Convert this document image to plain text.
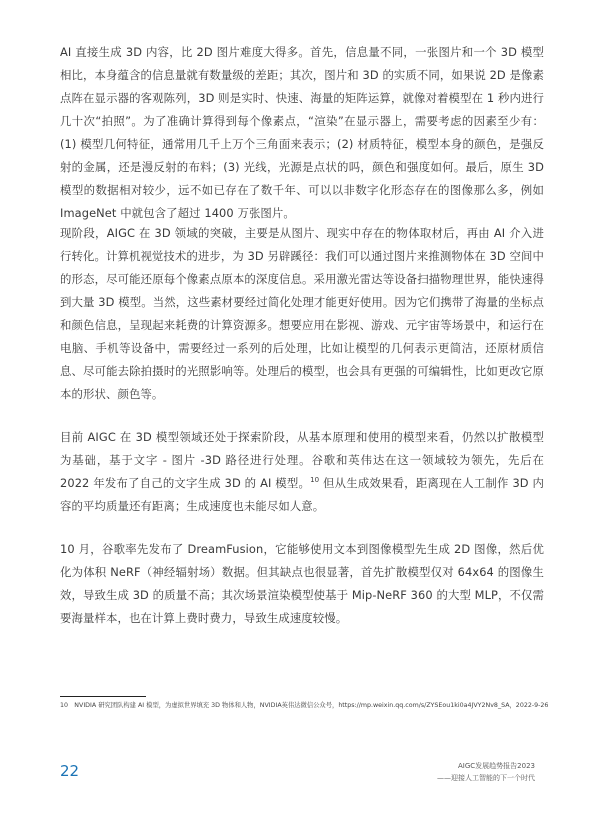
AI 直接生成 3D 内容，比 2D 图片难度大得多。首先，信息量不同，一张图片和一个 3D 模型相比，本身蕴含的信息量就有数量级的差距；其次，图片和 3D 的实质不同，如果说 2D 是像素点阵在显示器的客观陈列，3D 则是实时、快速、海量的矩阵运算，就像对着模型在 1 秒内进行几十次“拍照”。为了准确计算得到每个像素点，“渲染”在显示器上，需要考虑的因素至少有：(1) 模型几何特征，通常用几千上万个三角面来表示；(2) 材质特征，模型本身的颜色，是强反射的金属，还是漫反射的布料；(3) 光线，光源是点状的吗，颜色和强度如何。最后，原生 3D 模型的数据相对较少，远不如已存在了数千年、可以以非数字化形态存在的图像那么多，例如 ImageNet 中就包含了超过 1400 万张图片。

现阶段，AIGC 在 3D 领域的突破，主要是从图片、现实中存在的物体取材后，再由 AI 介入进行转化。计算机视觉技术的进步，为 3D 另辟蹊径：我们可以通过图片来推测物体在 3D 空间中的形态，尽可能还原每个像素点原本的深度信息。采用激光雷达等设备扫描物理世界，能快速得到大量 3D 模型。当然，这些素材要经过简化处理才能更好使用。因为它们携带了海量的坐标点和颜色信息，呈现起来耗费的计算资源多。想要应用在影视、游戏、元宇宙等场景中，和运行在电脑、手机等设备中，需要经过一系列的后处理，比如让模型的几何表示更简洁，还原材质信息、尽可能去除拍摄时的光照影响等。处理后的模型，也会具有更强的可编辑性，比如更改它原本的形状、颜色等。

目前 AIGC 在 3D 模型领域还处于探索阶段，从基本原理和使用的模型来看，仍然以扩散模型为基础，基于文字 - 图片 -3D 路径进行处理。谷歌和英伟达在这一领域较为领先，先后在 2022 年发布了自己的文字生成 3D 的 AI 模型。$^{10}$ 但从生成效果看，距离现在人工制作 3D 内容的平均质量还有距离；生成速度也未能尽如人意。

10 月，谷歌率先发布了 DreamFusion，它能够使用文本到图像模型先生成 2D 图像，然后优化为体积 NeRF（神经辐射场）数据。但其缺点也很显著，首先扩散模型仅对 64x64 的图像生效，导致生成 3D 的质量不高；其次场景渲染模型使基于 Mip-NeRF 360 的大型 MLP，不仅需要海量样本，也在计算上费时费力，导致生成速度较慢。

10　NVIDIA 研究团队构建 AI 模型，为虚拟世界填充 3D 物体和人物，NVIDIA英伟达微信公众号，https://mp.weixin.qq.com/s/ZYSEou1ki0a4JVY2Nv8_SA，2022-9-26

22	AIGC发展趋势报告2023
——迎接人工智能的下一个时代
